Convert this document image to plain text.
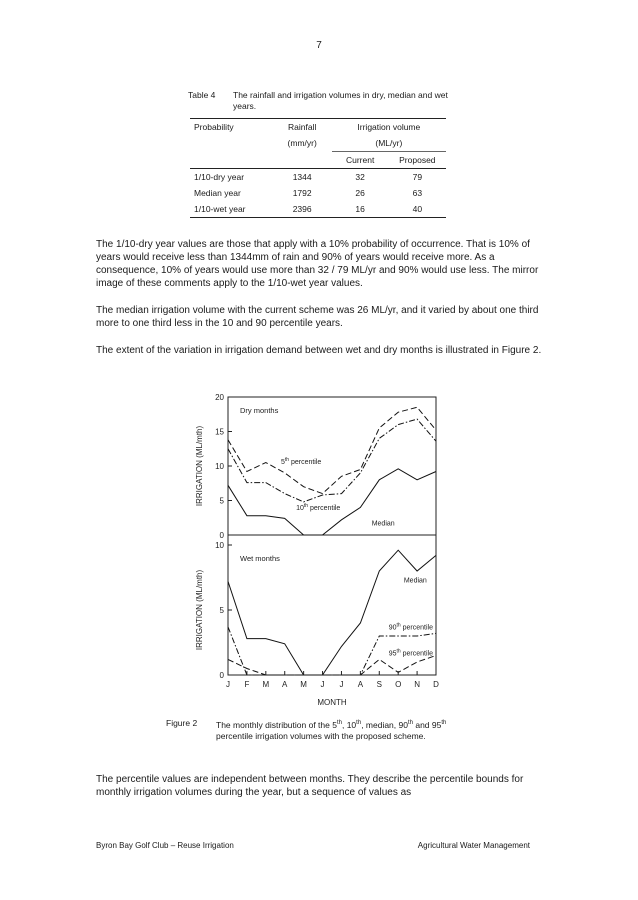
7
Table 4 The rainfall and irrigation volumes in dry, median and wet years.
Probability	Rainfall	Irrigation volume	
	(mm/yr)	(ML/yr)	
		Current	Proposed
1/10-dry year	1344	32	79
Median year	1792	26	63
1/10-wet year	2396	16	40
The 1/10-dry year values are those that apply with a 10% probability of occurrence. That is 10% of years would receive less than 1344mm of rain and 90% of years would receive more. As a consequence, 10% of years would use more than 32 / 79 ML/yr and 90% would use less. The mirror image of these comments apply to the 1/10-wet year values.
The median irrigation volume with the current scheme was 26 ML/yr, and it varied by about one third more to one third less in the 10 and 90 percentile years.
The extent of the variation in irrigation demand between wet and dry months is illustrated in Figure 2.
0
5
10
15
20
IRRIGATION (ML/mth)
Dry months
5th percentile
10th percentile
Median
0
5
10
IRRIGATION (ML/mth)
Wet months
Median
90th percentile
95th percentile
J F M A M J J A S O N D
MONTH
Figure 2 The monthly distribution of the 5th, 10th, median, 90th and 95th percentile irrigation volumes with the proposed scheme.
The percentile values are independent between months. They describe the percentile bounds for monthly irrigation volumes during the year, but a sequence of values as
Byron Bay Golf Club – Reuse Irrigation	Agricultural Water Management
